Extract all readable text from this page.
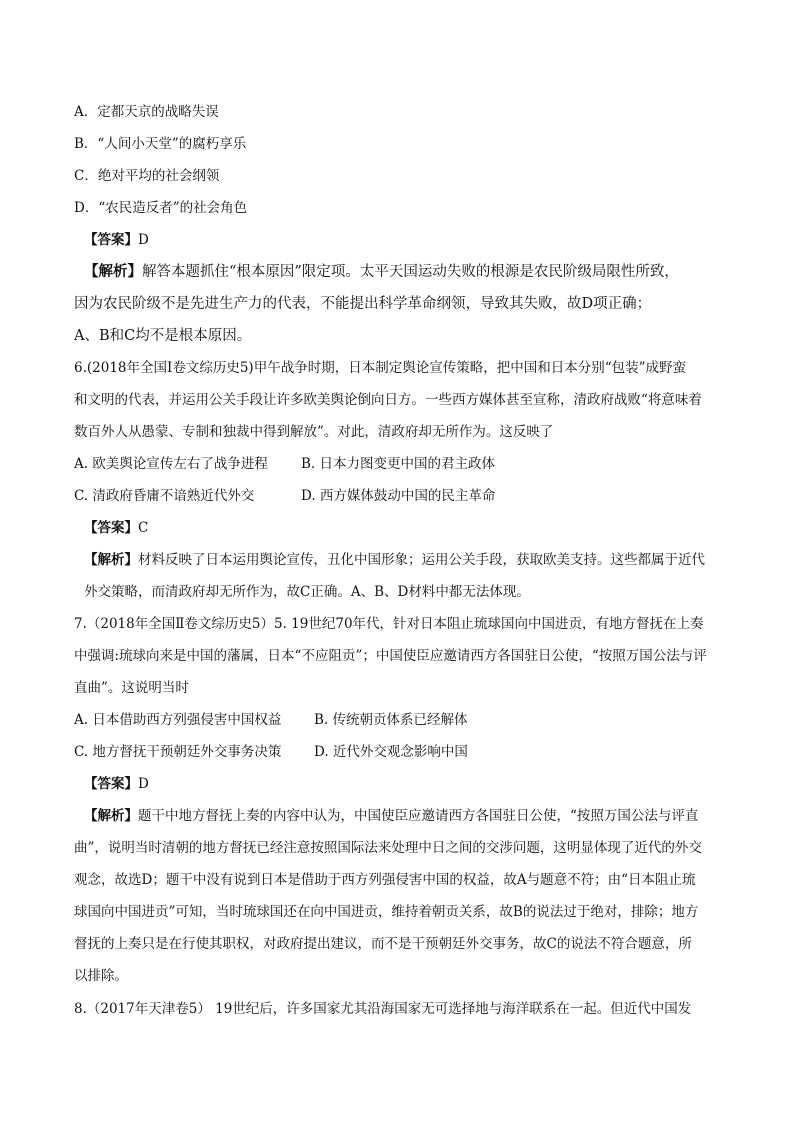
A．定都天京的战略失误
B．“人间小天堂”的腐朽享乐
C．绝对平均的社会纲领
D．“农民造反者”的社会角色
【答案】D
【解析】解答本题抓住“根本原因”限定项。太平天国运动失败的根源是农民阶级局限性所致，
因为农民阶级不是先进生产力的代表，不能提出科学革命纲领，导致其失败，故D项正确；
A、B和C均不是根本原因。
6.(2018年全国Ⅰ卷文综历史5)甲午战争时期，日本制定舆论宣传策略，把中国和日本分别“包装”成野蛮
和文明的代表，并运用公关手段让许多欧美舆论倒向日方。一些西方媒体甚至宣称，清政府战败“将意味着
数百外人从愚蒙、专制和独裁中得到解放”。对此，清政府却无所作为。这反映了
A. 欧美舆论宣传左右了战争进程 B. 日本力图变更中国的君主政体
C. 清政府昏庸不谙熟近代外交	D. 西方媒体鼓动中国的民主革命
【答案】C
【解析】材料反映了日本运用舆论宣传，丑化中国形象；运用公关手段，获取欧美支持。这些都属于近代
外交策略，而清政府却无所作为，故C正确。A、B、D材料中都无法体现。
7.（2018年全国Ⅱ卷文综历史5）5. 19世纪70年代，针对日本阻止琉球国向中国进贡，有地方督抚在上奏
中强调:琉球向来是中国的藩属，日本“不应阻贡”；中国使臣应邀请西方各国驻日公使，“按照万国公法与评
直曲”。这说明当时
A. 日本借助西方列强侵害中国权益 B. 传统朝贡体系已经解体
C. 地方督抚干预朝廷外交事务决策 D. 近代外交观念影响中国
【答案】D
【解析】题干中地方督抚上奏的内容中认为，中国使臣应邀请西方各国驻日公使，“按照万国公法与评直
曲”，说明当时清朝的地方督抚已经注意按照国际法来处理中日之间的交涉问题，这明显体现了近代的外交
观念，故选D；题干中没有说到日本是借助于西方列强侵害中国的权益，故A与题意不符；由“日本阻止琉
球国向中国进贡”可知，当时琉球国还在向中国进贡，维持着朝贡关系，故B的说法过于绝对，排除；地方
督抚的上奏只是在行使其职权，对政府提出建议，而不是干预朝廷外交事务，故C的说法不符合题意，所
以排除。
8.（2017年天津卷5） 19世纪后，许多国家尤其沿海国家无可选择地与海洋联系在一起。但近代中国发
